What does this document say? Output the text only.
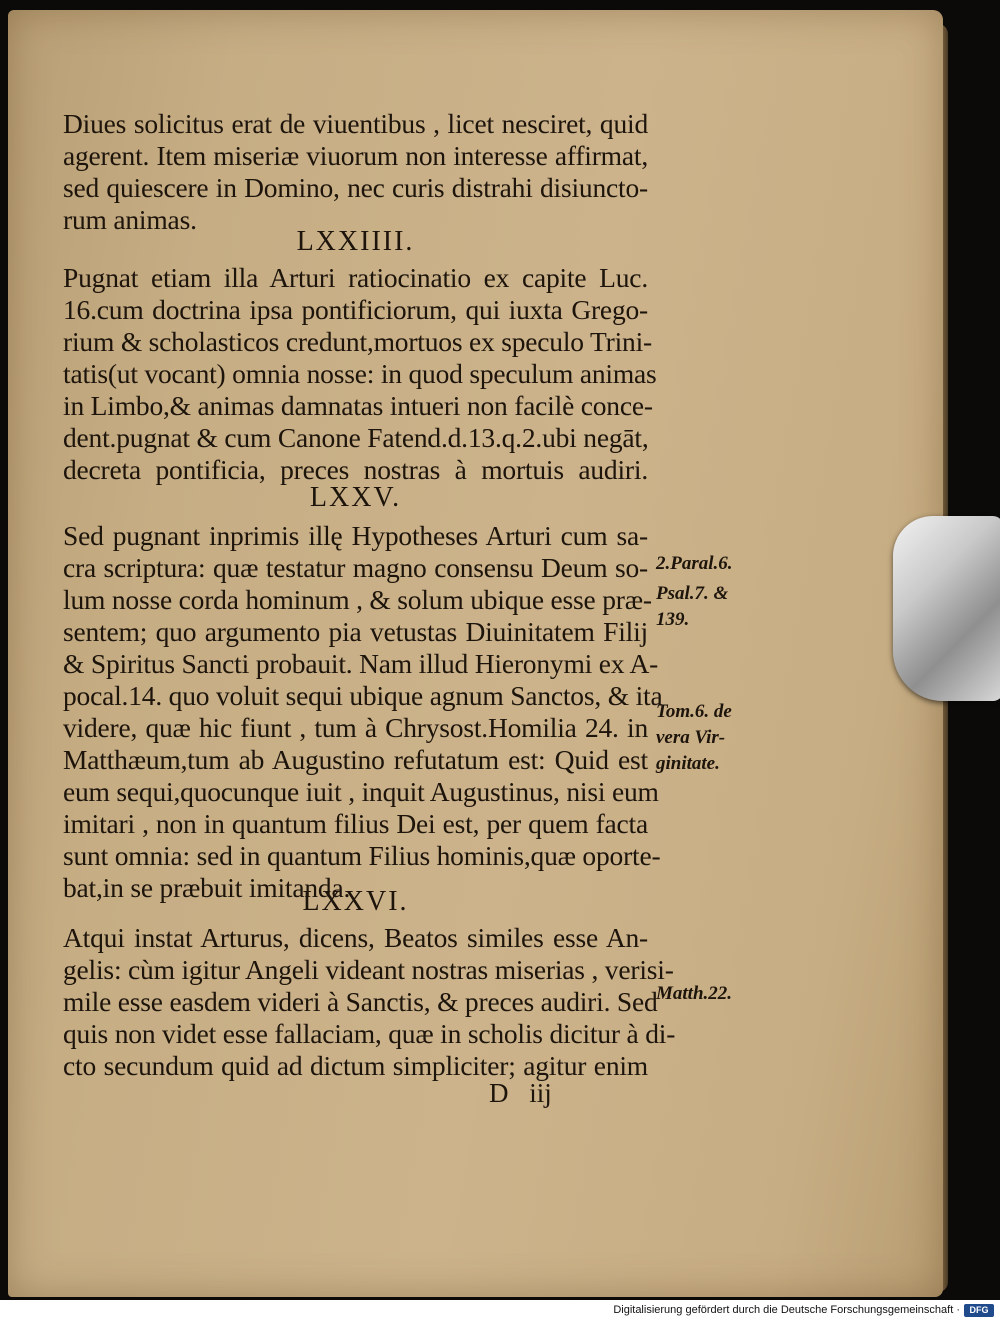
Diues solicitus erat de viuentibus , licet nesciret, quid
agerent. Item miseriæ viuorum non interesse affirmat,
sed quiescere in Domino, nec curis distrahi disiuncto-
rum animas.
LXXIIII.
Pugnat etiam illa Arturi ratiocinatio ex capite Luc.
16.cum doctrina ipsa pontificiorum, qui iuxta Grego-
rium & scholasticos credunt,mortuos ex speculo Trini-
tatis(ut vocant) omnia nosse: in quod speculum animas
in Limbo,& animas damnatas intueri non facilè conce-
dent.pugnat & cum Canone Fatend.d.13.q.2.ubi negāt,
decreta pontificia, preces nostras à mortuis audiri.
LXXV.
Sed pugnant inprimis illę Hypotheses Arturi cum sa-
cra scriptura: quæ testatur magno consensu Deum so-
lum nosse corda hominum , & solum ubique esse præ-
sentem; quo argumento pia vetustas Diuinitatem Filij
& Spiritus Sancti probauit. Nam illud Hieronymi ex A-
pocal.14. quo voluit sequi ubique agnum Sanctos, & ita
videre, quæ hic fiunt , tum à Chrysost.Homilia 24. in
Matthæum,tum ab Augustino refutatum est: Quid est
eum sequi,quocunque iuit , inquit Augustinus, nisi eum
imitari , non in quantum filius Dei est, per quem facta
sunt omnia: sed in quantum Filius hominis,quæ oporte-
bat,in se præbuit imitanda.
LXXVI.
Atqui instat Arturus, dicens, Beatos similes esse An-
gelis: cùm igitur Angeli videant nostras miserias , verisi-
mile esse easdem videri à Sanctis, & preces audiri. Sed
quis non videt esse fallaciam, quæ in scholis dicitur à di-
cto secundum quid ad dictum simpliciter; agitur enim
D iij
2.Paral.6.
Psal.7. &
139.
Tom.6. de
vera Vir-
ginitate.
Matth.22.
Digitalisierung gefördert durch die Deutsche Forschungsgemeinschaft ·	DFG
